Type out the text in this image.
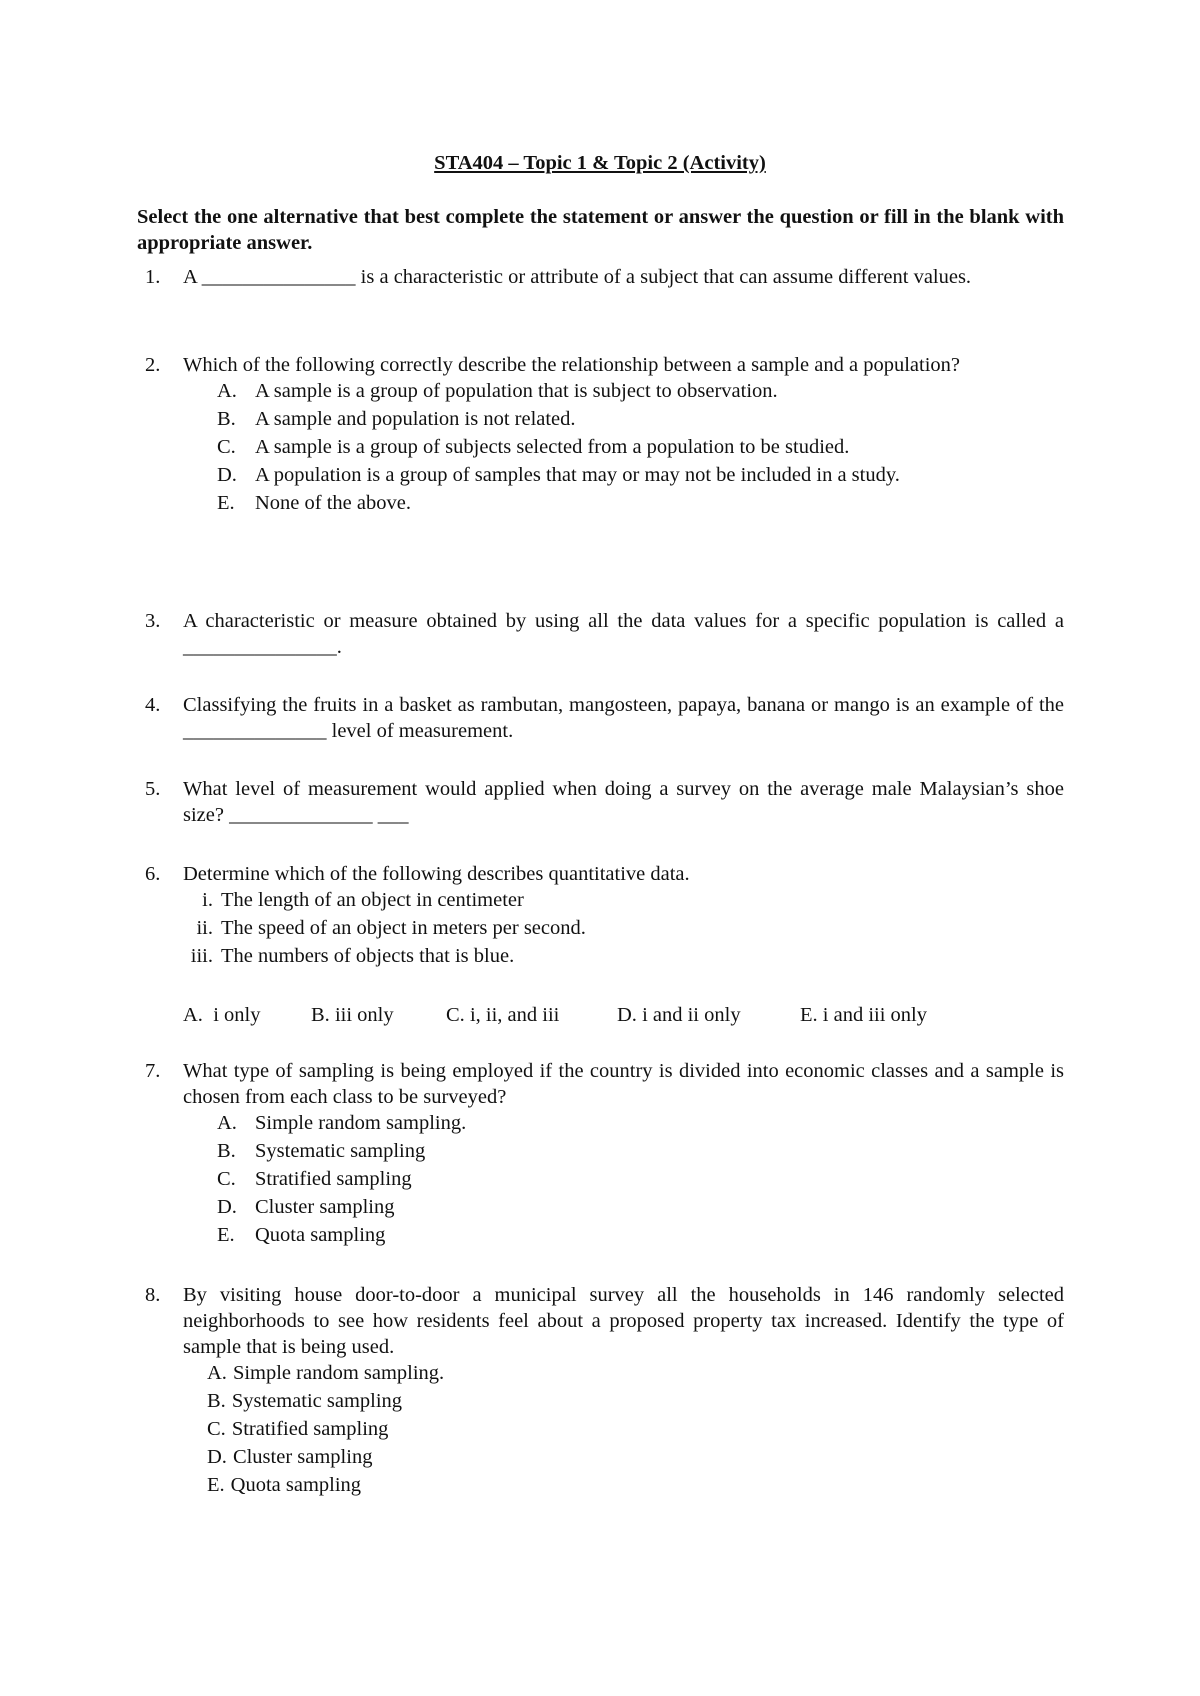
STA404 – Topic 1 & Topic 2 (Activity)
Select the one alternative that best complete the statement or answer the question or fill in the blank with appropriate answer.
1. A _______________ is a characteristic or attribute of a subject that can assume different values.
2. Which of the following correctly describe the relationship between a sample and a population?
A. A sample is a group of population that is subject to observation.
B. A sample and population is not related.
C. A sample is a group of subjects selected from a population to be studied.
D. A population is a group of samples that may or may not be included in a study.
E. None of the above.
3. A characteristic or measure obtained by using all the data values for a specific population is called a _______________.
4. Classifying the fruits in a basket as rambutan, mangosteen, papaya, banana or mango is an example of the ______________ level of measurement.
5. What level of measurement would applied when doing a survey on the average male Malaysian’s shoe size? ______________ ___
6. Determine which of the following describes quantitative data.
i. The length of an object in centimeter
ii. The speed of an object in meters per second.
iii. The numbers of objects that is blue.
A. i only B. iii only	C. i, ii, and iii	D. i and ii only	E. i and iii only
7. What type of sampling is being employed if the country is divided into economic classes and a sample is chosen from each class to be surveyed?
A. Simple random sampling.
B. Systematic sampling
C. Stratified sampling
D. Cluster sampling
E. Quota sampling
8. By visiting house door-to-door a municipal survey all the households in 146 randomly selected neighborhoods to see how residents feel about a proposed property tax increased. Identify the type of sample that is being used.
A. Simple random sampling.
B. Systematic sampling
C. Stratified sampling
D. Cluster sampling
E. Quota sampling
